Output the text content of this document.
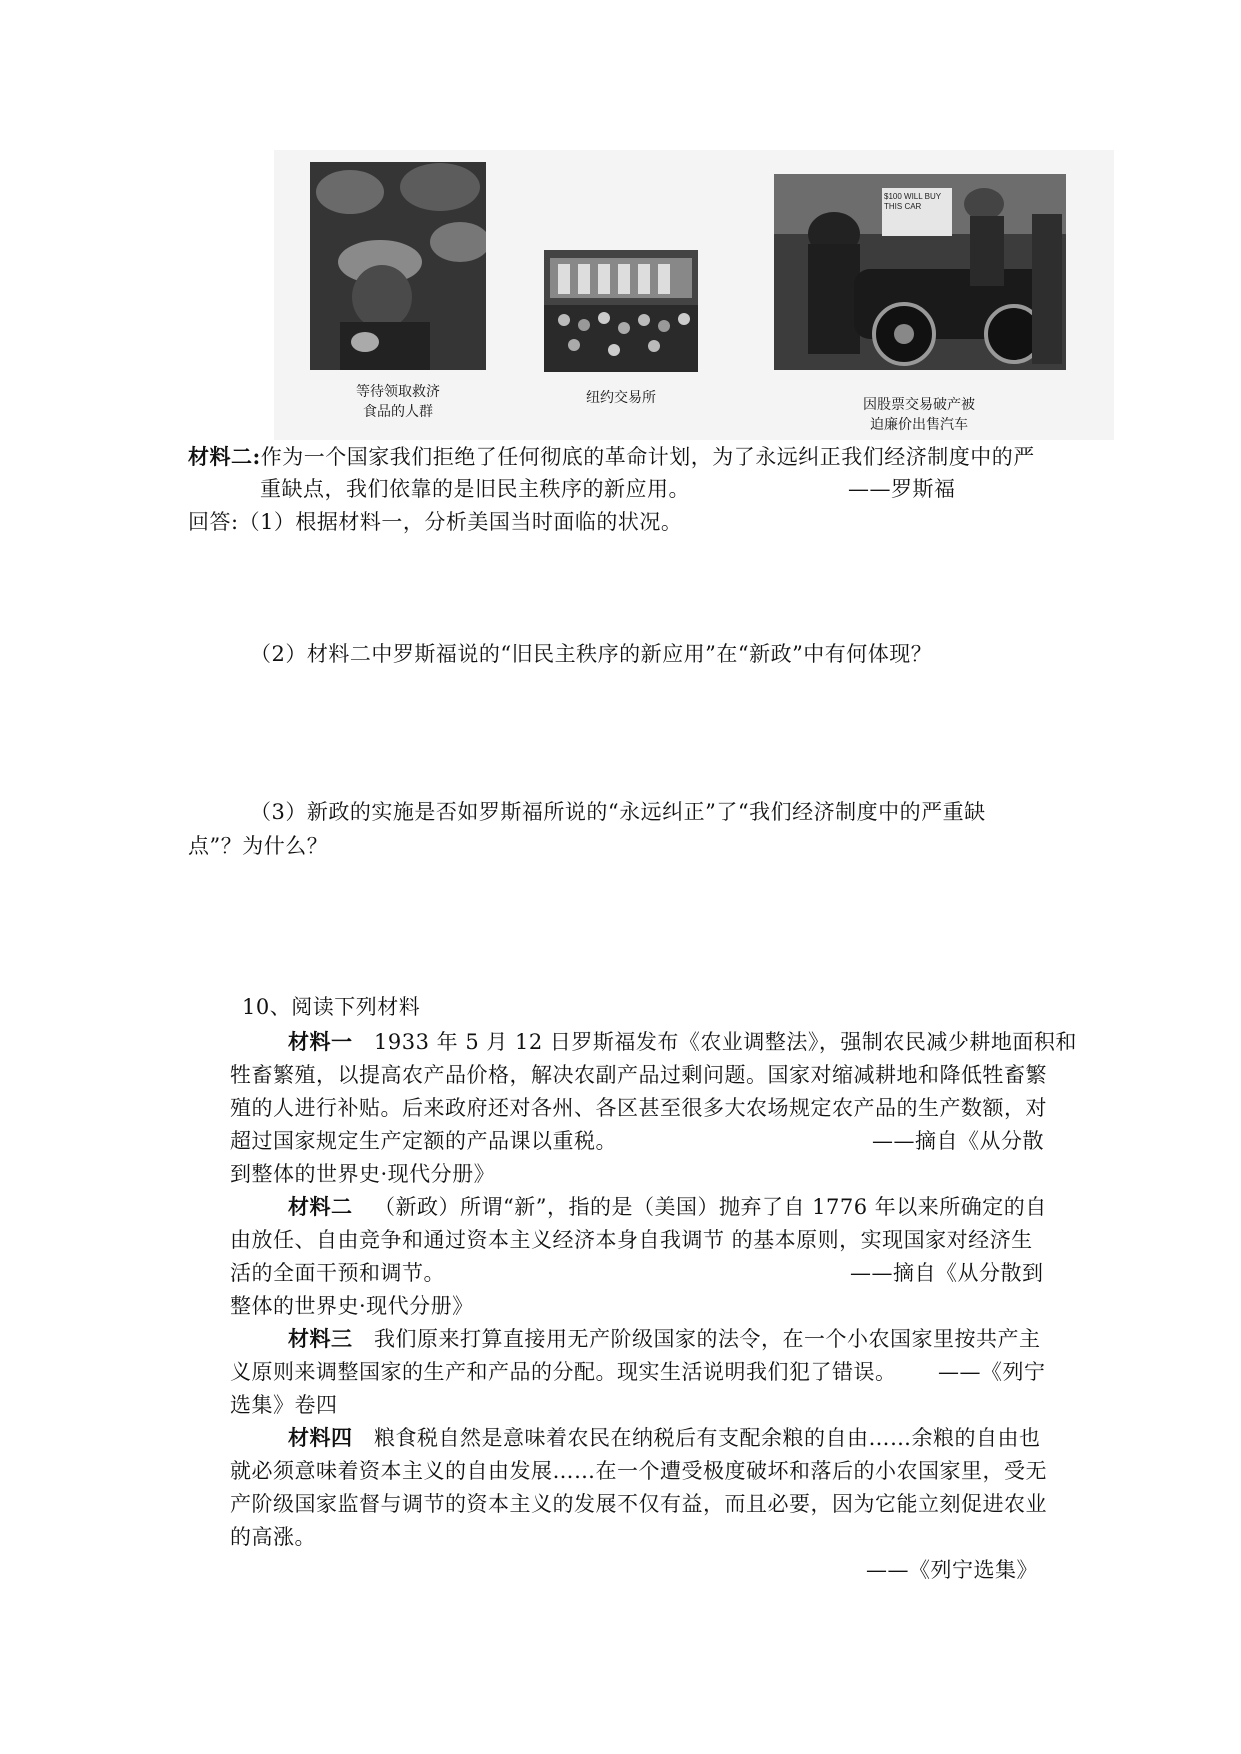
等待领取救济
食品的人群
纽约交易所
$100 WILL BUY THIS CAR
因股票交易破产被
迫廉价出售汽车
材料二:作为一个国家我们拒绝了任何彻底的革命计划，为了永远纠正我们经济制度中的严
重缺点，我们依靠的是旧民主秩序的新应用。	——罗斯福
回答:（1）根据材料一，分析美国当时面临的状况。
（2）材料二中罗斯福说的“旧民主秩序的新应用”在“新政”中有何体现？
（3）新政的实施是否如罗斯福所说的“永远纠正”了“我们经济制度中的严重缺
点”？为什么？
10、阅读下列材料
材料一 1933 年 5 月 12 日罗斯福发布《农业调整法》，强制农民减少耕地面积和
牲畜繁殖，以提高农产品价格，解决农副产品过剩问题。国家对缩减耕地和降低牲畜繁
殖的人进行补贴。后来政府还对各州、各区甚至很多大农场规定农产品的生产数额，对
超过国家规定生产定额的产品课以重税。	——摘自《从分散
到整体的世界史·现代分册》
材料二 （新政）所谓“新”，指的是（美国）抛弃了自 1776 年以来所确定的自
由放任、自由竞争和通过资本主义经济本身自我调节 的基本原则，实现国家对经济生
活的全面干预和调节。	——摘自《从分散到
整体的世界史·现代分册》
材料三 我们原来打算直接用无产阶级国家的法令，在一个小农国家里按共产主
义原则来调整国家的生产和产品的分配。现实生活说明我们犯了错误。 ——《列宁
选集》卷四
材料四 粮食税自然是意味着农民在纳税后有支配余粮的自由……余粮的自由也
就必须意味着资本主义的自由发展……在一个遭受极度破坏和落后的小农国家里，受无
产阶级国家监督与调节的资本主义的发展不仅有益，而且必要，因为它能立刻促进农业
的高涨。
——《列宁选集》
